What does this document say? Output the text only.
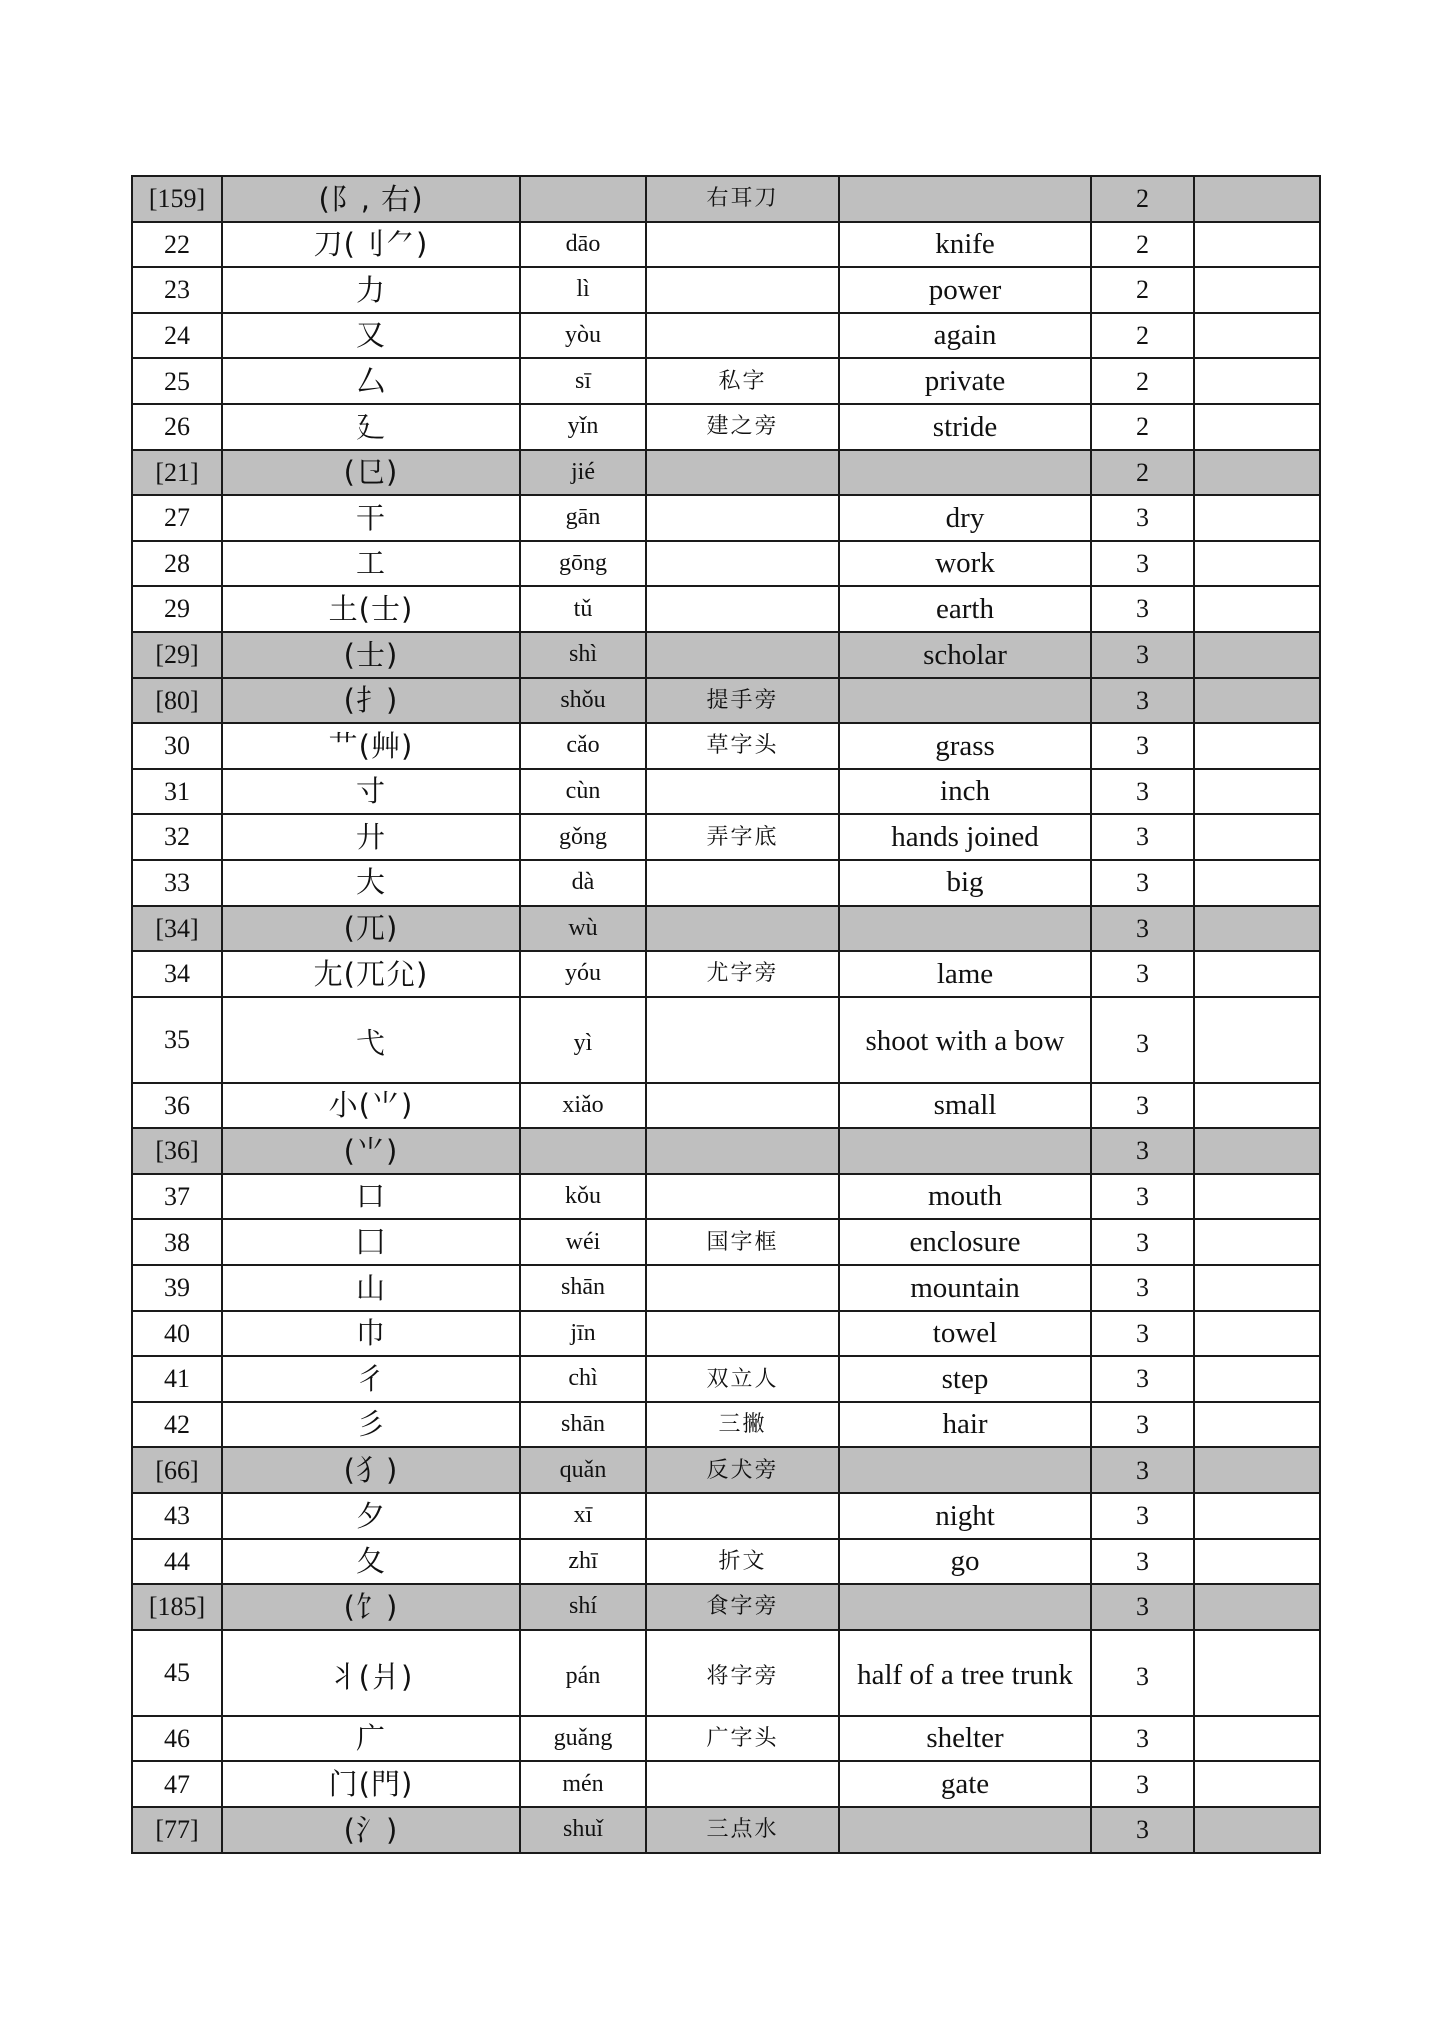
[159]	(阝, 右)		右耳刀		2	
22	刀(刂⺈)	dāo		knife	2	
23	力	lì		power	2	
24	又	yòu		again	2	
25	厶	sī	私字	private	2	
26	廴	yǐn	建之旁	stride	2	
[21]	(㔾)	jié			2	
27	干	gān		dry	3	
28	工	gōng		work	3	
29	土(士)	tǔ		earth	3	
[29]	(士)	shì		scholar	3	
[80]	(扌)	shǒu	提手旁		3	
30	艹(艸)	cǎo	草字头	grass	3	
31	寸	cùn		inch	3	
32	廾	gǒng	弄字底	hands joined	3	
33	大	dà		big	3	
[34]	(兀)	wù			3	
34	尢(兀尣)	yóu	尤字旁	lame	3	
35	弋	yì		shoot with a bow	3	
36	小(⺌)	xiǎo		small	3	
[36]	(⺌)				3	
37	口	kǒu		mouth	3	
38	囗	wéi	国字框	enclosure	3	
39	山	shān		mountain	3	
40	巾	jīn		towel	3	
41	彳	chì	双立人	step	3	
42	彡	shān	三撇	hair	3	
[66]	(犭)	quǎn	反犬旁		3	
43	夕	xī		night	3	
44	夂	zhī	折文	go	3	
[185]	(饣)	shí	食字旁		3	
45	丬(爿)	pán	将字旁	half of a tree trunk	3	
46	广	guǎng	广字头	shelter	3	
47	门(門)	mén		gate	3	
[77]	(氵)	shuǐ	三点水		3	
